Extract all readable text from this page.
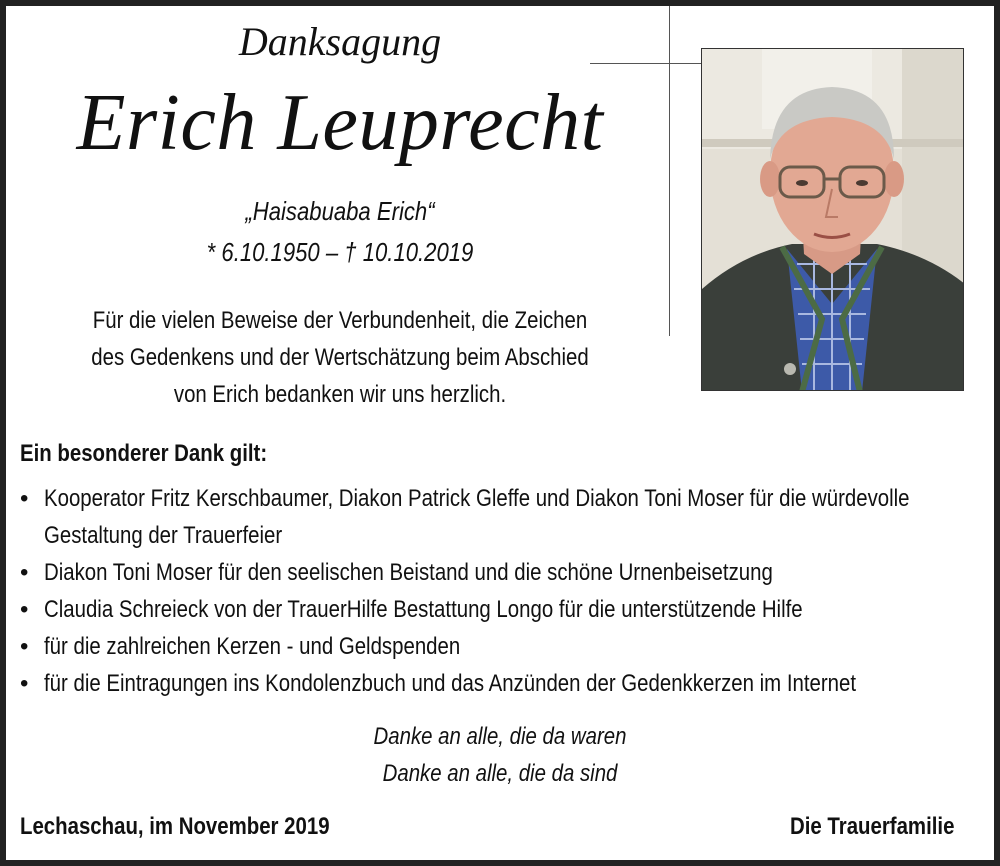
Danksagung
Erich Leuprecht
„Haisabuaba Erich“
* 6.10.1950 – † 10.10.2019
Für die vielen Beweise der Verbundenheit, die Zeichen
des Gedenkens und der Wertschätzung beim Abschied
von Erich bedanken wir uns herzlich.
Ein besonderer Dank gilt:
• Kooperator Fritz Kerschbaumer, Diakon Patrick Gleffe und Diakon Toni Moser für die würdevolle
Gestaltung der Trauerfeier
• Diakon Toni Moser für den seelischen Beistand und die schöne Urnenbeisetzung
• Claudia Schreieck von der TrauerHilfe Bestattung Longo für die unterstützende Hilfe
• für die zahlreichen Kerzen - und Geldspenden
• für die Eintragungen ins Kondolenzbuch und das Anzünden der Gedenkkerzen im Internet
Danke an alle, die da waren
Danke an alle, die da sind
Lechaschau, im November 2019	Die Trauerfamilie
